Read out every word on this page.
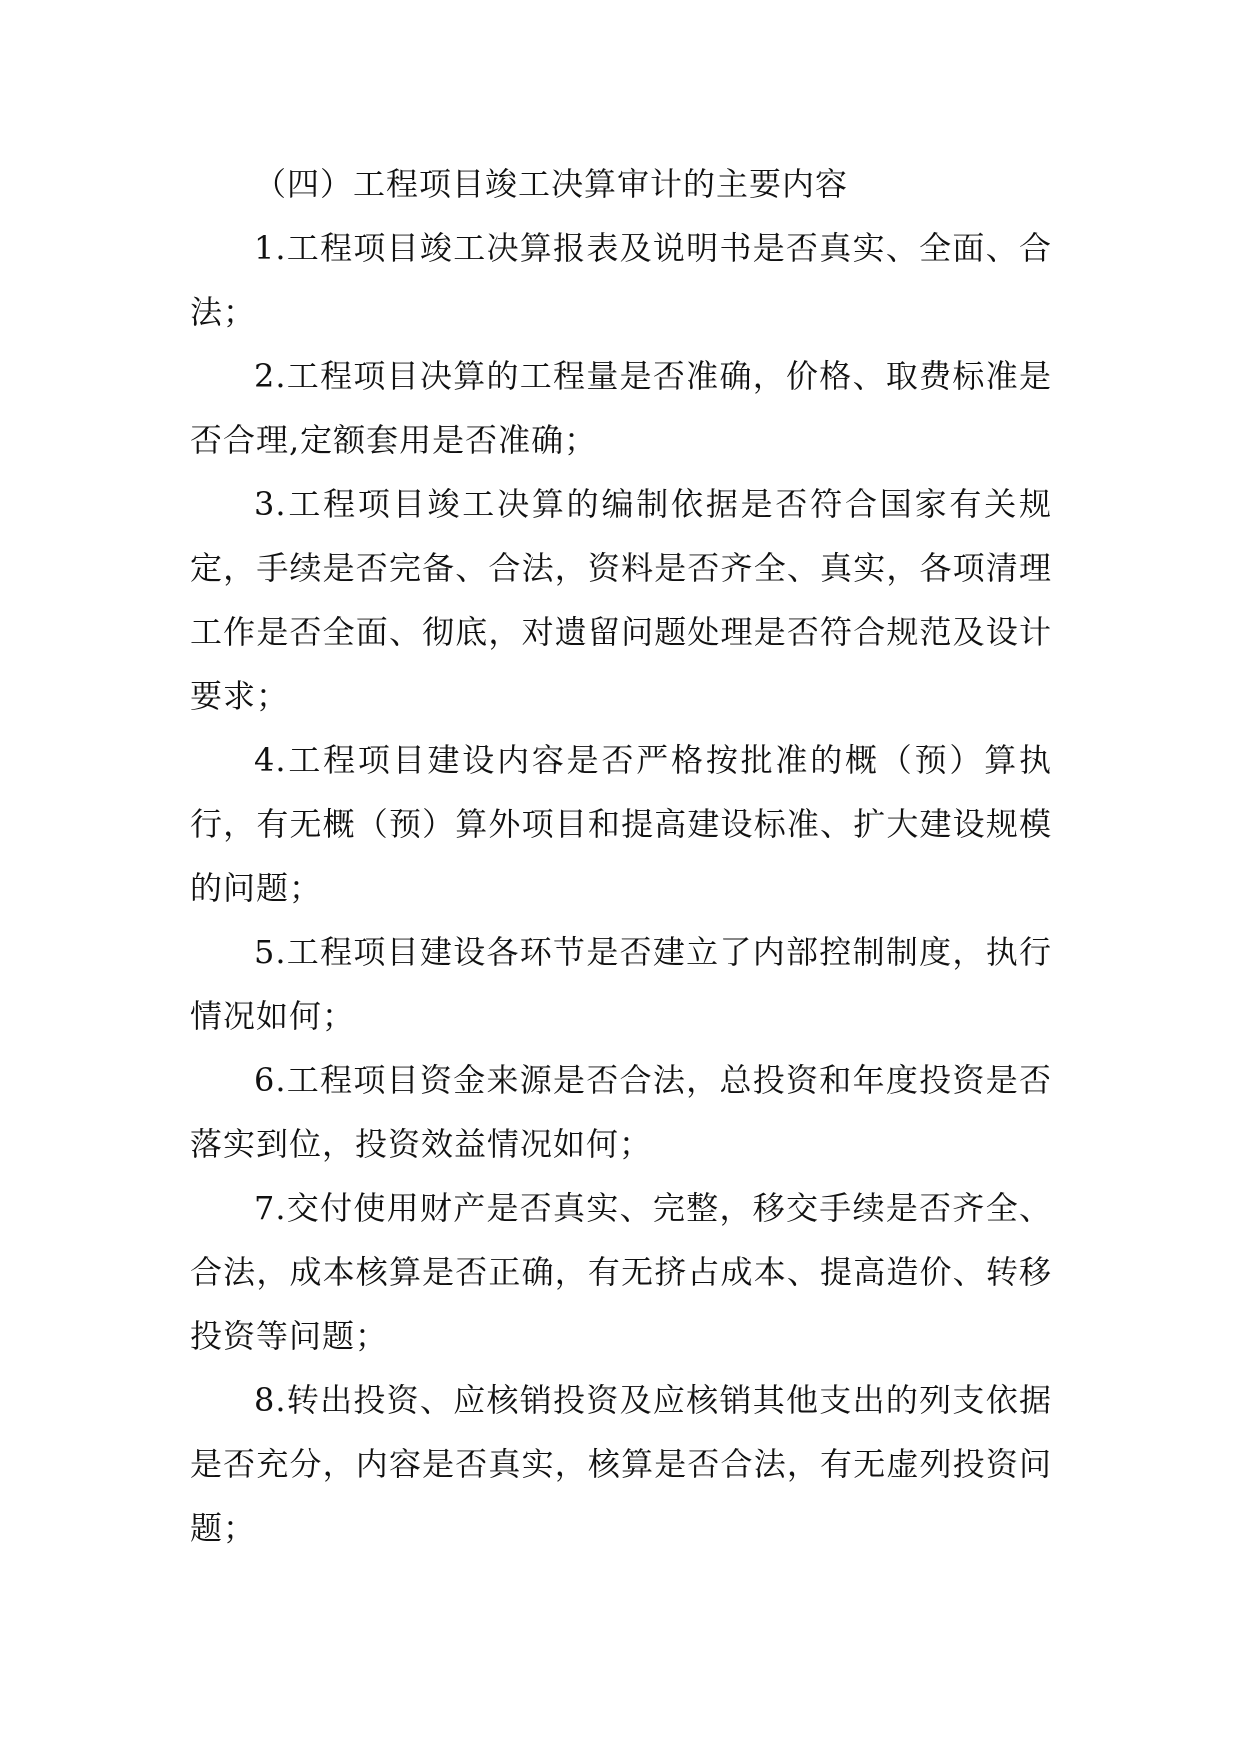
（四）工程项目竣工决算审计的主要内容

1.工程项目竣工决算报表及说明书是否真实、全面、合法；

2.工程项目决算的工程量是否准确，价格、取费标准是否合理,定额套用是否准确；

3.工程项目竣工决算的编制依据是否符合国家有关规定，手续是否完备、合法，资料是否齐全、真实，各项清理工作是否全面、彻底，对遗留问题处理是否符合规范及设计要求；

4.工程项目建设内容是否严格按批准的概（预）算执行，有无概（预）算外项目和提高建设标准、扩大建设规模的问题；

5.工程项目建设各环节是否建立了内部控制制度，执行情况如何；

6.工程项目资金来源是否合法，总投资和年度投资是否落实到位，投资效益情况如何；

7.交付使用财产是否真实、完整，移交手续是否齐全、合法，成本核算是否正确，有无挤占成本、提高造价、转移投资等问题；

8.转出投资、应核销投资及应核销其他支出的列支依据是否充分，内容是否真实，核算是否合法，有无虚列投资问题；
